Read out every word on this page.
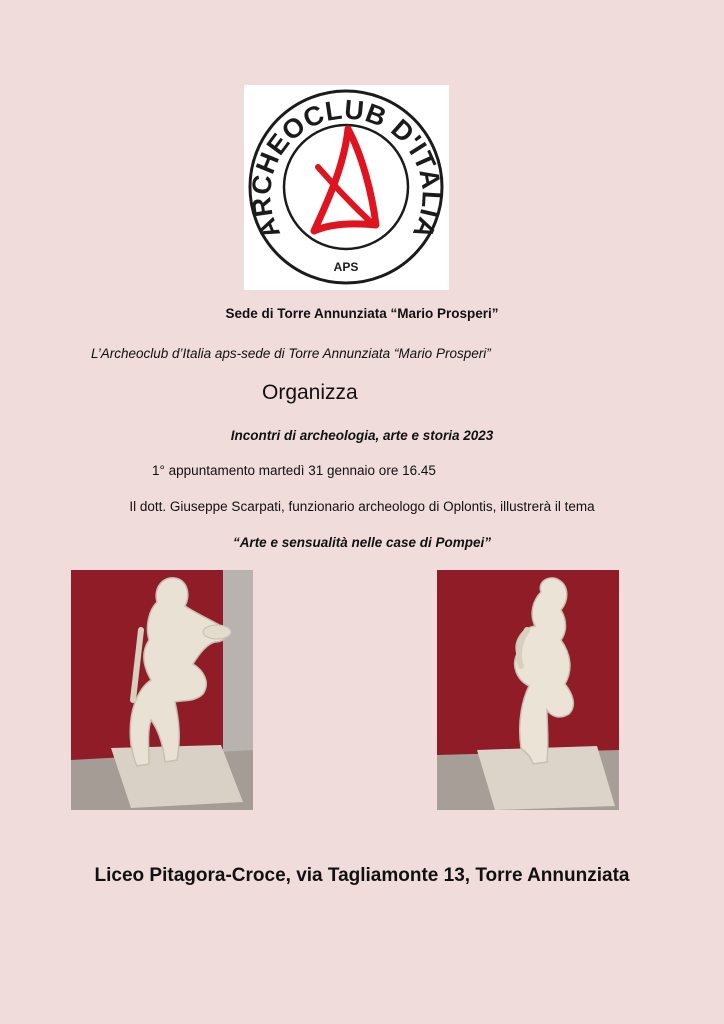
ARCHEOCLUB D'ITALIA
APS
Sede di Torre Annunziata “Mario Prosperi”
L’Archeoclub d’Italia aps-sede di Torre Annunziata “Mario Prosperi”
Organizza
Incontri di archeologia, arte e storia 2023
1° appuntamento martedì 31 gennaio ore 16.45
Il dott. Giuseppe Scarpati, funzionario archeologo di Oplontis, illustrerà il tema
“Arte e sensualità nelle case di Pompei”
Liceo Pitagora-Croce, via Tagliamonte 13, Torre Annunziata
